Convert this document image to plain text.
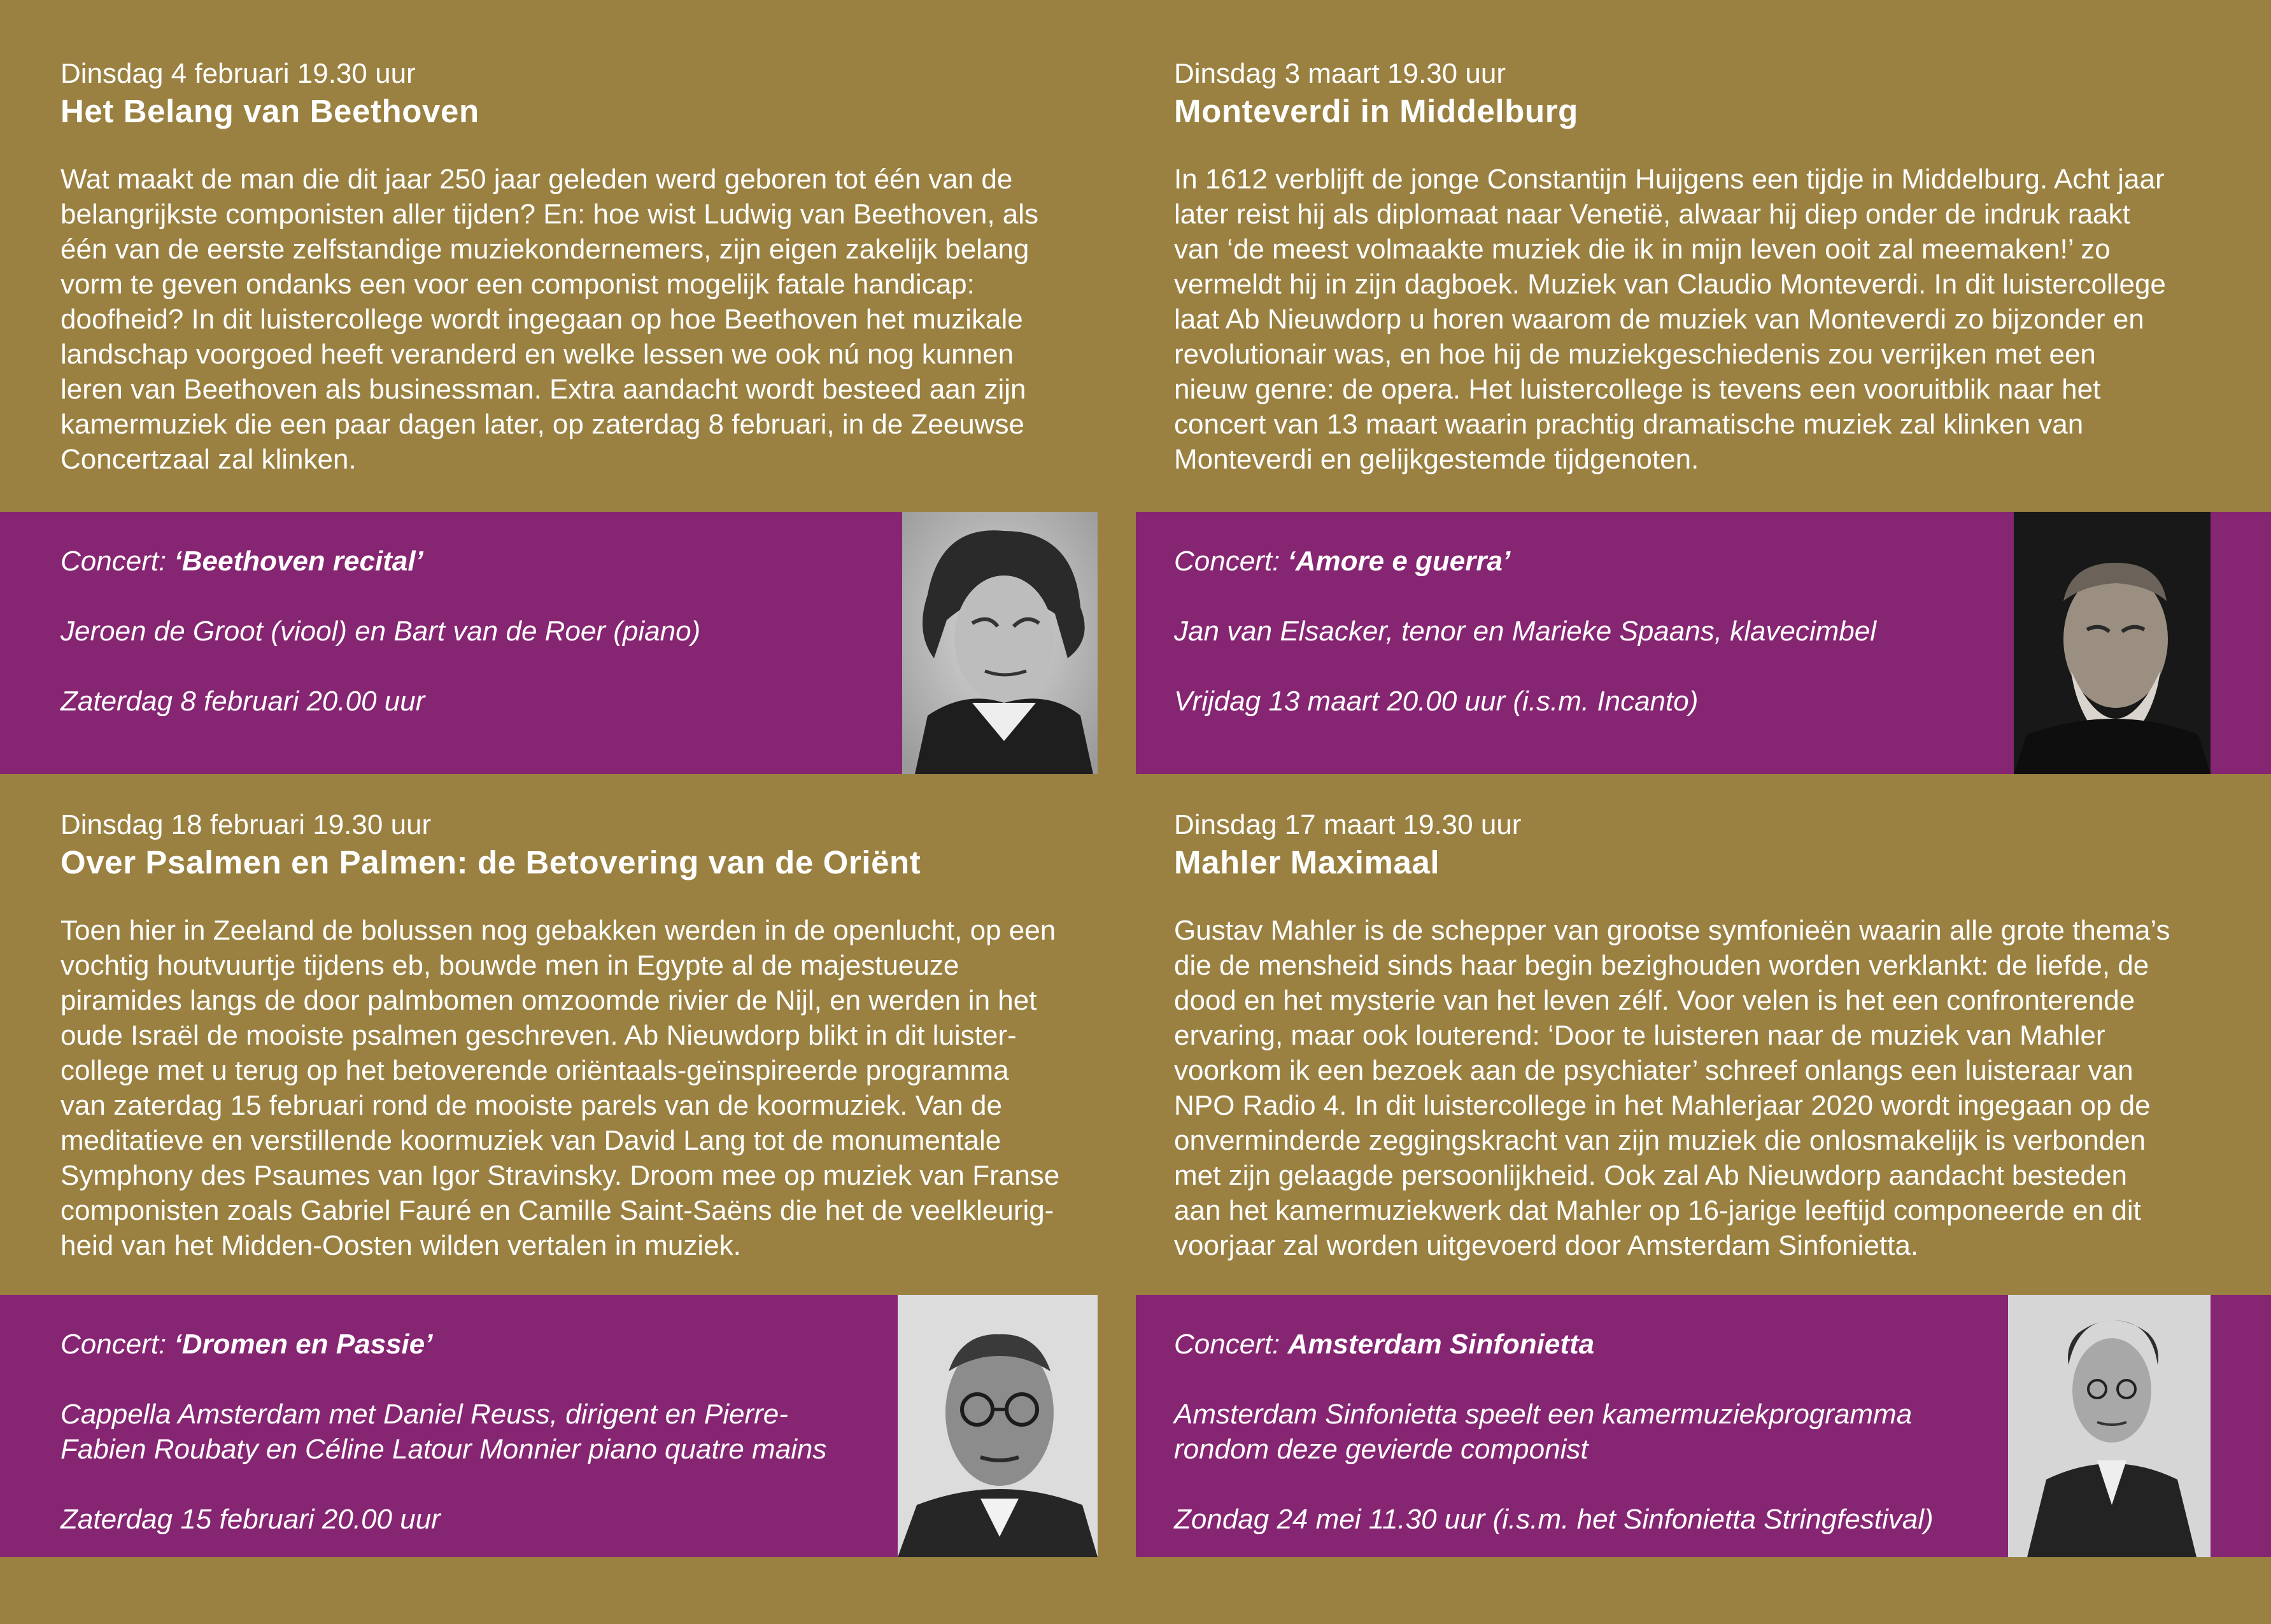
Dinsdag 4 februari 19.30 uur

Het Belang van Beethoven

Wat maakt de man die dit jaar 250 jaar geleden werd geboren tot één van de
belangrijkste componisten aller tijden? En: hoe wist Ludwig van Beethoven, als
één van de eerste zelfstandige muziekondernemers, zijn eigen zakelijk belang
vorm te geven ondanks een voor een componist mogelijk fatale handicap:
doofheid? In dit luistercollege wordt ingegaan op hoe Beethoven het muzikale
landschap voorgoed heeft veranderd en welke lessen we ook nú nog kunnen
leren van Beethoven als businessman. Extra aandacht wordt besteed aan zijn
kamermuziek die een paar dagen later, op zaterdag 8 februari, in de Zeeuwse
Concertzaal zal klinken.

Concert: ‘Beethoven recital’

Jeroen de Groot (viool) en Bart van de Roer (piano)

Zaterdag 8 februari 20.00 uur

Dinsdag 3 maart 19.30 uur

Monteverdi in Middelburg

In 1612 verblijft de jonge Constantijn Huijgens een tijdje in Middelburg. Acht jaar
later reist hij als diplomaat naar Venetië, alwaar hij diep onder de indruk raakt
van ‘de meest volmaakte muziek die ik in mijn leven ooit zal meemaken!’ zo
vermeldt hij in zijn dagboek. Muziek van Claudio Monteverdi. In dit luistercollege
laat Ab Nieuwdorp u horen waarom de muziek van Monteverdi zo bijzonder en
revolutionair was, en hoe hij de muziekgeschiedenis zou verrijken met een
nieuw genre: de opera. Het luistercollege is tevens een vooruitblik naar het
concert van 13 maart waarin prachtig dramatische muziek zal klinken van
Monteverdi en gelijkgestemde tijdgenoten.

Concert: ‘Amore e guerra’

Jan van Elsacker, tenor en Marieke Spaans, klavecimbel

Vrijdag 13 maart 20.00 uur (i.s.m. Incanto)

Dinsdag 18 februari 19.30 uur

Over Psalmen en Palmen: de Betovering van de Oriënt

Toen hier in Zeeland de bolussen nog gebakken werden in de openlucht, op een
vochtig houtvuurtje tijdens eb, bouwde men in Egypte al de majestueuze
piramides langs de door palmbomen omzoomde rivier de Nijl, en werden in het
oude Israël de mooiste psalmen geschreven. Ab Nieuwdorp blikt in dit luister-
college met u terug op het betoverende oriëntaals-geïnspireerde programma
van zaterdag 15 februari rond de mooiste parels van de koormuziek. Van de
meditatieve en verstillende koormuziek van David Lang tot de monumentale
Symphony des Psaumes van Igor Stravinsky. Droom mee op muziek van Franse
componisten zoals Gabriel Fauré en Camille Saint-Saëns die het de veelkleurig-
heid van het Midden-Oosten wilden vertalen in muziek.

Concert: ‘Dromen en Passie’

Cappella Amsterdam met Daniel Reuss, dirigent en Pierre-

Fabien Roubaty en Céline Latour Monnier piano quatre mains

Zaterdag 15 februari 20.00 uur

Dinsdag 17 maart 19.30 uur

Mahler Maximaal

Gustav Mahler is de schepper van grootse symfonieën waarin alle grote thema’s
die de mensheid sinds haar begin bezighouden worden verklankt: de liefde, de
dood en het mysterie van het leven zélf. Voor velen is het een confronterende
ervaring, maar ook louterend: ‘Door te luisteren naar de muziek van Mahler
voorkom ik een bezoek aan de psychiater’ schreef onlangs een luisteraar van
NPO Radio 4. In dit luistercollege in het Mahlerjaar 2020 wordt ingegaan op de
onverminderde zeggingskracht van zijn muziek die onlosmakelijk is verbonden
met zijn gelaagde persoonlijkheid. Ook zal Ab Nieuwdorp aandacht besteden
aan het kamermuziekwerk dat Mahler op 16-jarige leeftijd componeerde en dit
voorjaar zal worden uitgevoerd door Amsterdam Sinfonietta.

Concert: Amsterdam Sinfonietta

Amsterdam Sinfonietta speelt een kamermuziekprogramma

rondom deze gevierde componist

Zondag 24 mei 11.30 uur (i.s.m. het Sinfonietta Stringfestival)
